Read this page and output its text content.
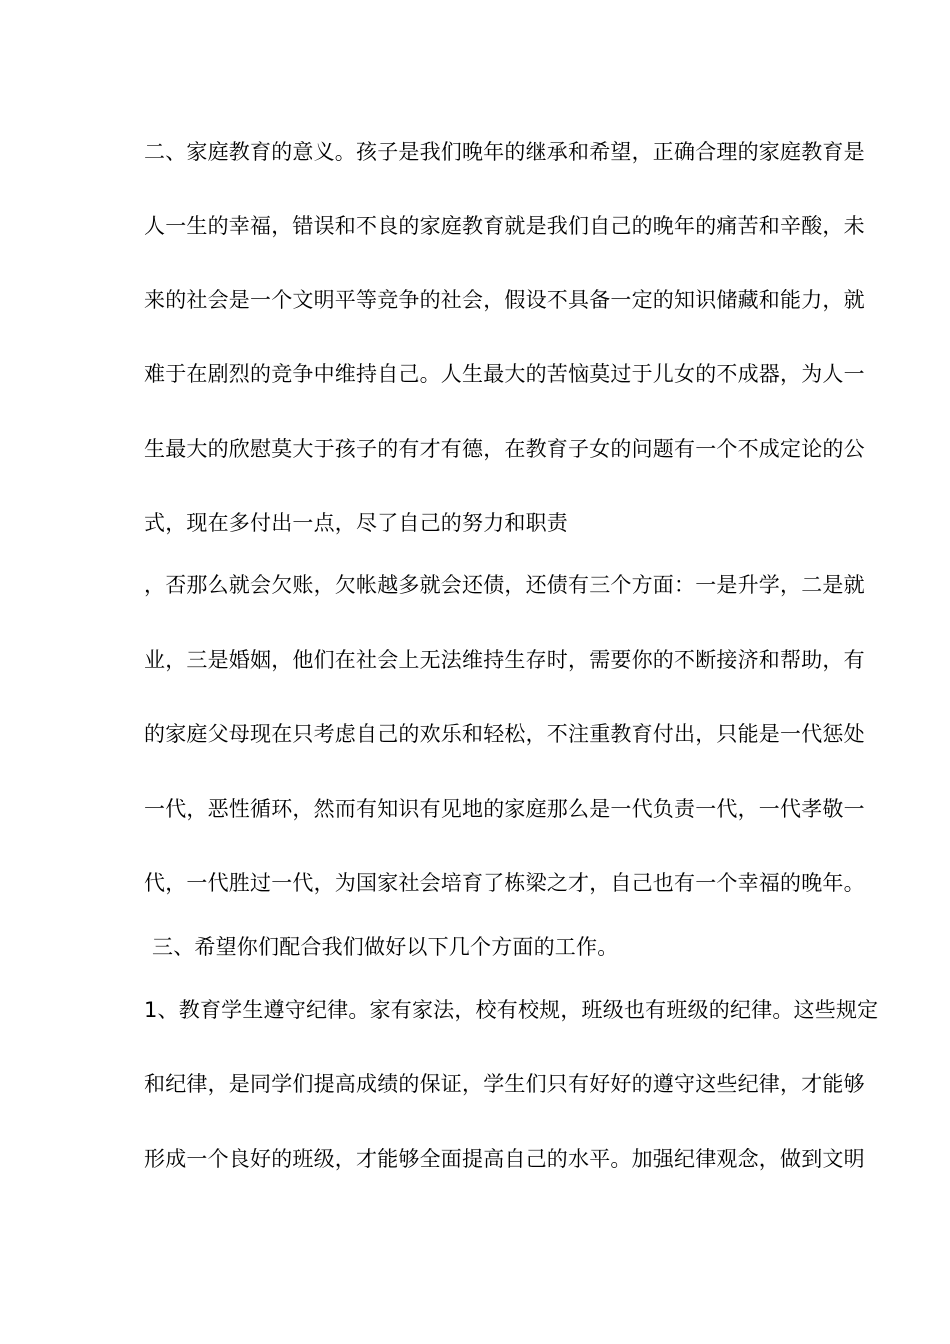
二、家庭教育的意义。孩子是我们晚年的继承和希望，正确合理的家庭教育是
人一生的幸福，错误和不良的家庭教育就是我们自己的晚年的痛苦和辛酸，未
来的社会是一个文明平等竞争的社会，假设不具备一定的知识储藏和能力，就
难于在剧烈的竞争中维持自己。人生最大的苦恼莫过于儿女的不成器，为人一
生最大的欣慰莫大于孩子的有才有德，在教育子女的问题有一个不成定论的公
式，现在多付出一点，尽了自己的努力和职责
，否那么就会欠账，欠帐越多就会还债，还债有三个方面：一是升学，二是就
业，三是婚姻，他们在社会上无法维持生存时，需要你的不断接济和帮助，有
的家庭父母现在只考虑自己的欢乐和轻松，不注重教育付出，只能是一代惩处
一代，恶性循环，然而有知识有见地的家庭那么是一代负责一代，一代孝敬一
代，一代胜过一代，为国家社会培育了栋梁之才，自己也有一个幸福的晚年。
三、希望你们配合我们做好以下几个方面的工作。
1、教育学生遵守纪律。家有家法，校有校规，班级也有班级的纪律。这些规定
和纪律，是同学们提高成绩的保证，学生们只有好好的遵守这些纪律，才能够
形成一个良好的班级，才能够全面提高自己的水平。加强纪律观念，做到文明
